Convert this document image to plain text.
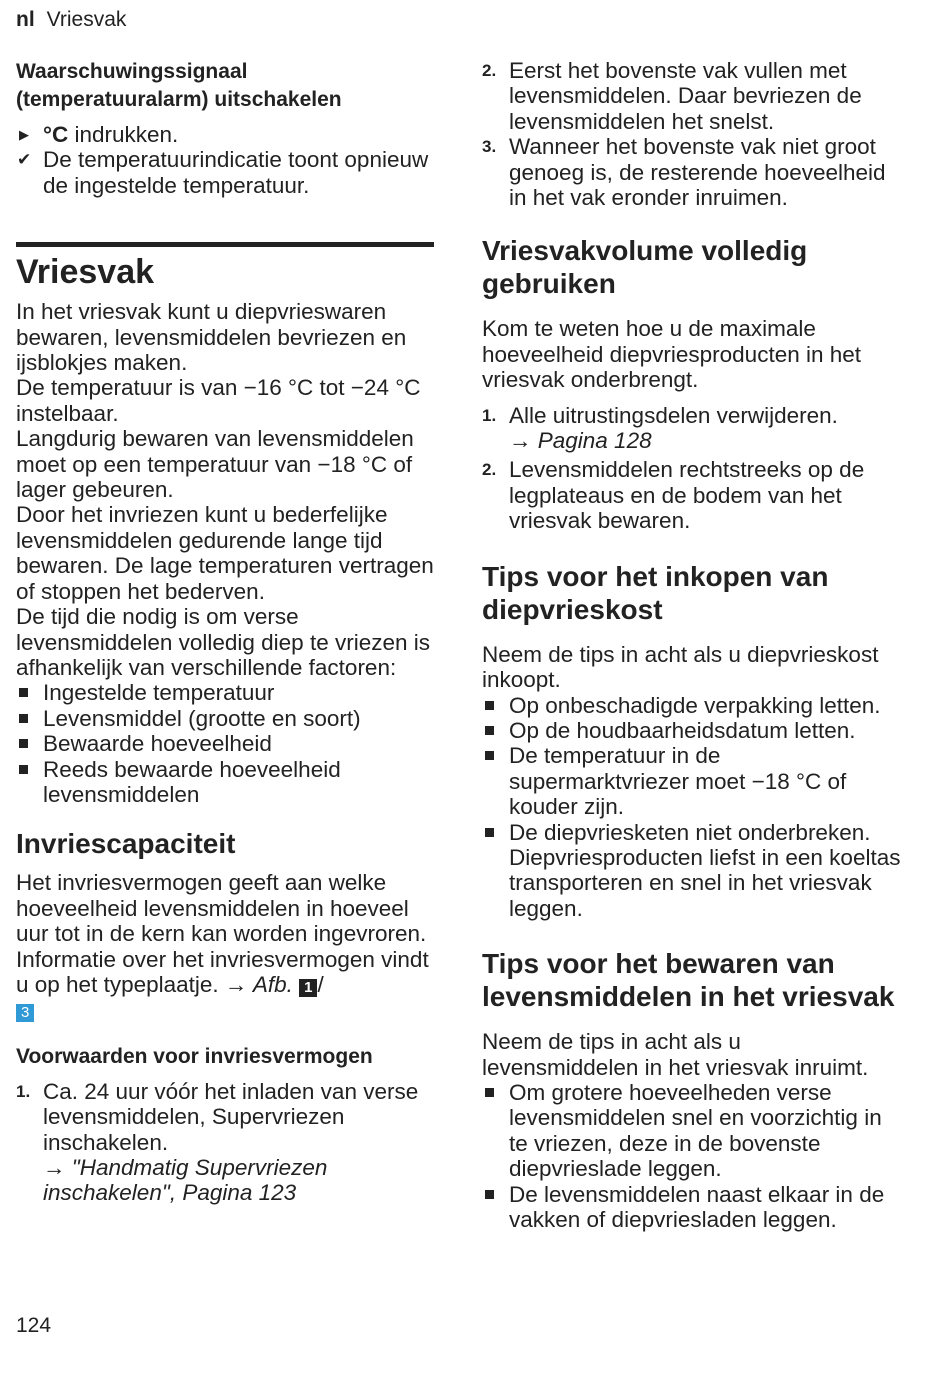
nl Vriesvak
Waarschuwingssignaal (temperatuuralarm) uitschakelen
▶ °C indrukken.
✔ De temperatuurindicatie toont opnieuw de ingestelde temperatuur.
Vriesvak

In het vriesvak kunt u diepvrieswaren bewaren, levensmiddelen bevriezen en ijsblokjes maken.

De temperatuur is van −16 °C tot −24 °C instelbaar.

Langdurig bewaren van levensmiddelen moet op een temperatuur van −18 °C of lager gebeuren.

Door het invriezen kunt u bederfelijke levensmiddelen gedurende lange tijd bewaren. De lage temperaturen vertragen of stoppen het bederven.

De tijd die nodig is om verse levensmiddelen volledig diep te vriezen is afhankelijk van verschillende factoren:

Ingestelde temperatuur
Levensmiddel (grootte en soort)
Bewaarde hoeveelheid
Reeds bewaarde hoeveelheid levensmiddelen
Invriescapaciteit

Het invriesvermogen geeft aan welke hoeveelheid levensmiddelen in hoeveel uur tot in de kern kan worden ingevroren.

Informatie over het invriesvermogen vindt u op het typeplaatje. → Afb. 1 /
3

Voorwaarden voor invriesvermogen
1. Ca. 24 uur vóór het inladen van verse levensmiddelen, Supervriezen inschakelen.
→ "Handmatig Supervriezen inschakelen", Pagina 123
2. Eerst het bovenste vak vullen met levensmiddelen. Daar bevriezen de levensmiddelen het snelst.
3. Wanneer het bovenste vak niet groot genoeg is, de resterende hoeveelheid in het vak eronder inruimen.
Vriesvakvolume volledig gebruiken

Kom te weten hoe u de maximale hoeveelheid diepvriesproducten in het vriesvak onderbrengt.

1. Alle uitrustingsdelen verwijderen.
→ Pagina 128
2. Levensmiddelen rechtstreeks op de legplateaus en de bodem van het vriesvak bewaren.
Tips voor het inkopen van diepvrieskost

Neem de tips in acht als u diepvrieskost inkoopt.

Op onbeschadigde verpakking letten.
Op de houdbaarheidsdatum letten.
De temperatuur in de supermarktvriezer moet −18 °C of kouder zijn.
De diepvriesketen niet onderbreken. Diepvriesproducten liefst in een koeltas transporteren en snel in het vriesvak leggen.
Tips voor het bewaren van levensmiddelen in het vriesvak

Neem de tips in acht als u levensmiddelen in het vriesvak inruimt.

Om grotere hoeveelheden verse levensmiddelen snel en voorzichtig in te vriezen, deze in de bovenste diepvrieslade leggen.
De levensmiddelen naast elkaar in de vakken of diepvriesladen leggen.
124
